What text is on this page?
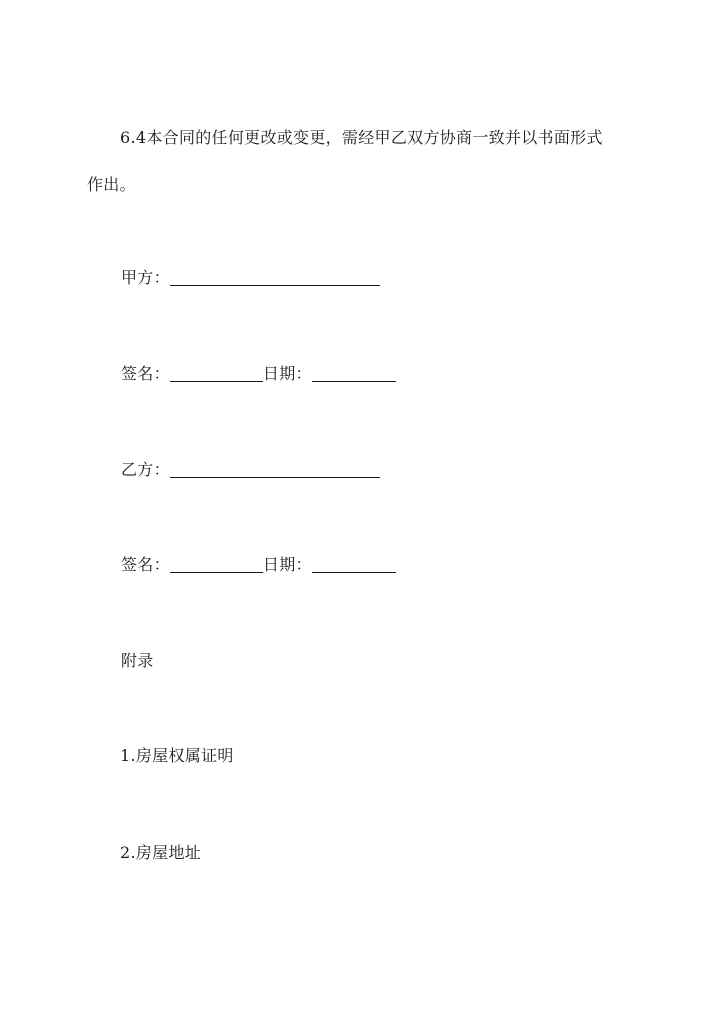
6.4本合同的任何更改或变更，需经甲乙双方协商一致并以书面形式
作出。
甲方：
签名：	日期：
乙方：
签名：	日期：
附录
1.房屋权属证明
2.房屋地址
